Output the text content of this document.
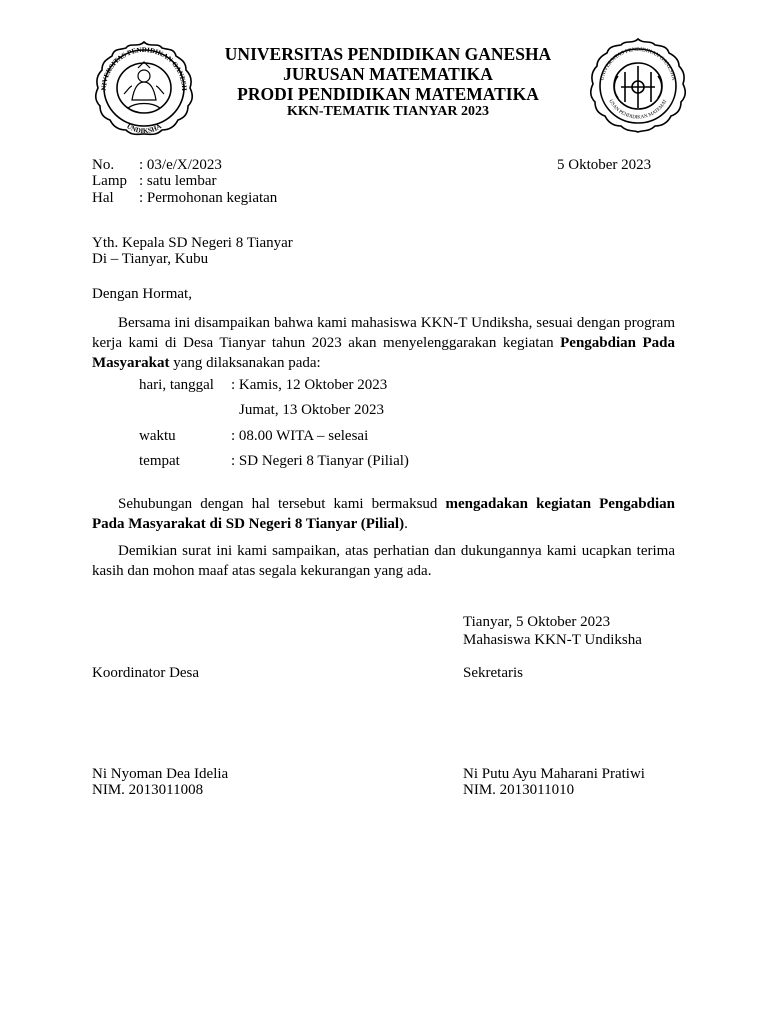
NIVERSITAS PENDIDIKAN GANESH
UNDIKSHA
UNIVERSITAS PENDIDIKAN GANESHA
JURUSAN MATEMATIKA
PRODI PENDIDIKAN MATEMATIKA
KKN-TEMATIK TIANYAR 2023
UNIVERSITAS PENDIDIKAN GANESHA
USAN PENDIDIKAN MATEMAT
No. : 03/e/X/2023	5 Oktober 2023
Lamp : satu lembar
Hal : Permohonan kegiatan
Yth. Kepala SD Negeri 8 Tianyar
Di – Tianyar, Kubu
Dengan Hormat,
Bersama ini disampaikan bahwa kami mahasiswa KKN-T Undiksha, sesuai dengan program kerja kami di Desa Tianyar tahun 2023 akan menyelenggarakan kegiatan Pengabdian Pada Masyarakat yang dilaksanakan pada:
hari, tanggal : Kamis, 12 Oktober 2023
Jumat, 13 Oktober 2023
waktu	: 08.00 WITA – selesai
tempat	: SD Negeri 8 Tianyar (Pilial)
Sehubungan dengan hal tersebut kami bermaksud mengadakan kegiatan Pengabdian Pada Masyarakat di SD Negeri 8 Tianyar (Pilial).
Demikian surat ini kami sampaikan, atas perhatian dan dukungannya kami ucapkan terima kasih dan mohon maaf atas segala kekurangan yang ada.
Tianyar, 5 Oktober 2023
Mahasiswa KKN-T Undiksha
Koordinator Desa	Sekretaris
Ni Nyoman Dea Idelia
NIM. 2013011008
Ni Putu Ayu Maharani Pratiwi
NIM. 2013011010
